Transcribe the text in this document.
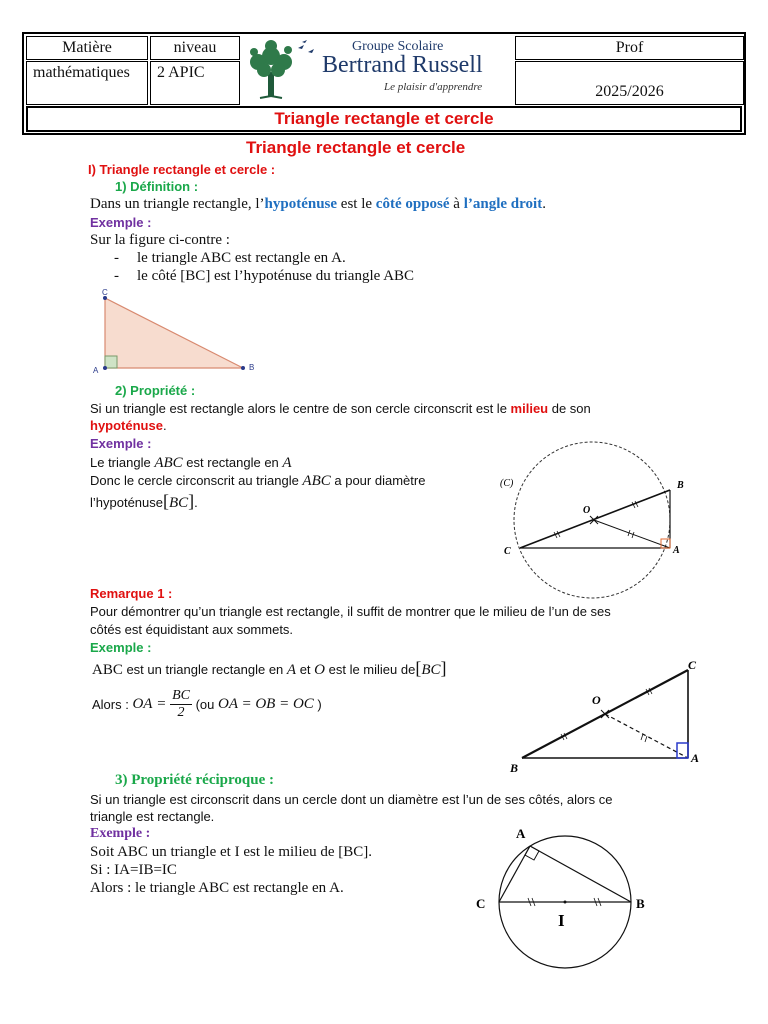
Matière	niveau
mathématiques	2 APIC
Groupe Scolaire
Bertrand Russell
Le plaisir d'apprendre
Prof
2025/2026
Triangle rectangle et cercle
Triangle rectangle et cercle
I) Triangle rectangle et cercle :
1) Définition :
Dans un triangle rectangle, l’hypoténuse est le côté opposé à l’angle droit.
Exemple :
Sur la figure ci-contre :
- le triangle ABC est rectangle en A.
- le côté [BC] est l’hypoténuse du triangle ABC
C
A	B
2) Propriété :
Si un triangle est rectangle alors le centre de son cercle circonscrit est le milieu de son
hypoténuse.
Exemple :
Le triangle ABC est rectangle en A
Donc le cercle circonscrit au triangle ABC a pour diamètre
l’hypoténuse[BC].
(C)	B
A
C
O
Remarque 1 :
Pour démontrer qu’un triangle est rectangle, il suffit de montrer que le milieu de l’un de ses
côtés est équidistant aux sommets.
Exemple :
ABC est un triangle rectangle en A et O est le milieu de[BC]
Alors : OA = $\frac{BC}{2} (ou$ OA = OB = OC )
C
A
B
O
3) Propriété réciproque :
Si un triangle est circonscrit dans un cercle dont un diamètre est l’un de ses côtés, alors ce
triangle est rectangle.
Exemple :
Soit ABC un triangle et I est le milieu de [BC].
Si : IA=IB=IC
Alors : le triangle ABC est rectangle en A.
A
C	B
I
